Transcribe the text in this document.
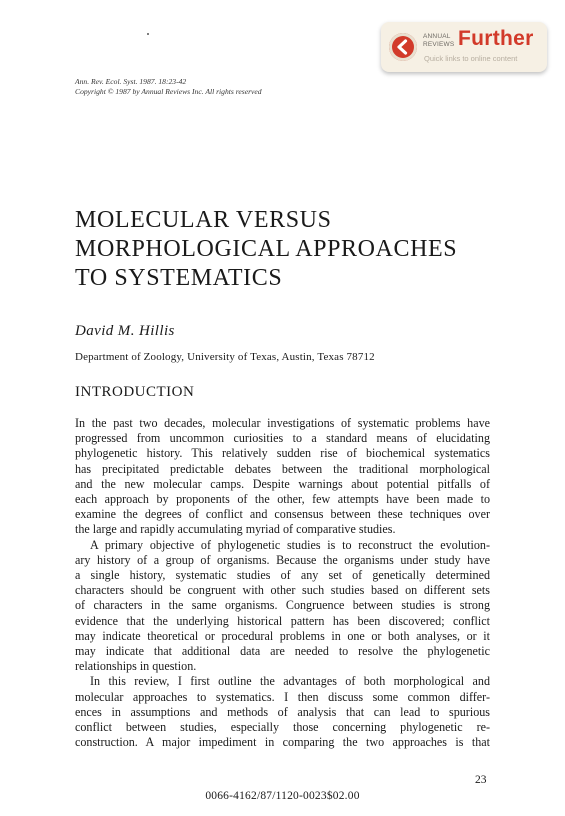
ANNUAL
REVIEWS Further
Quick links to online content
Ann. Rev. Ecol. Syst. 1987. 18:23-42
Copyright © 1987 by Annual Reviews Inc. All rights reserved
MOLECULAR VERSUS
MORPHOLOGICAL APPROACHES
TO SYSTEMATICS
David M. Hillis
Department of Zoology, University of Texas, Austin, Texas 78712
INTRODUCTION

In the past two decades, molecular investigations of systematic problems have
progressed from uncommon curiosities to a standard means of elucidating
phylogenetic history. This relatively sudden rise of biochemical systematics
has precipitated predictable debates between the traditional morphological
and the new molecular camps. Despite warnings about potential pitfalls of
each approach by proponents of the other, few attempts have been made to
examine the degrees of conflict and consensus between these techniques over
the large and rapidly accumulating myriad of comparative studies.

A primary objective of phylogenetic studies is to reconstruct the evolution-
ary history of a group of organisms. Because the organisms under study have
a single history, systematic studies of any set of genetically determined
characters should be congruent with other such studies based on different sets
of characters in the same organisms. Congruence between studies is strong
evidence that the underlying historical pattern has been discovered; conflict
may indicate theoretical or procedural problems in one or both analyses, or it
may indicate that additional data are needed to resolve the phylogenetic
relationships in question.

In this review, I first outline the advantages of both morphological and
molecular approaches to systematics. I then discuss some common differ-
ences in assumptions and methods of analysis that can lead to spurious
conflict between studies, especially those concerning phylogenetic re-
construction. A major impediment in comparing the two approaches is that

23
0066-4162/87/1120-0023$02.00
